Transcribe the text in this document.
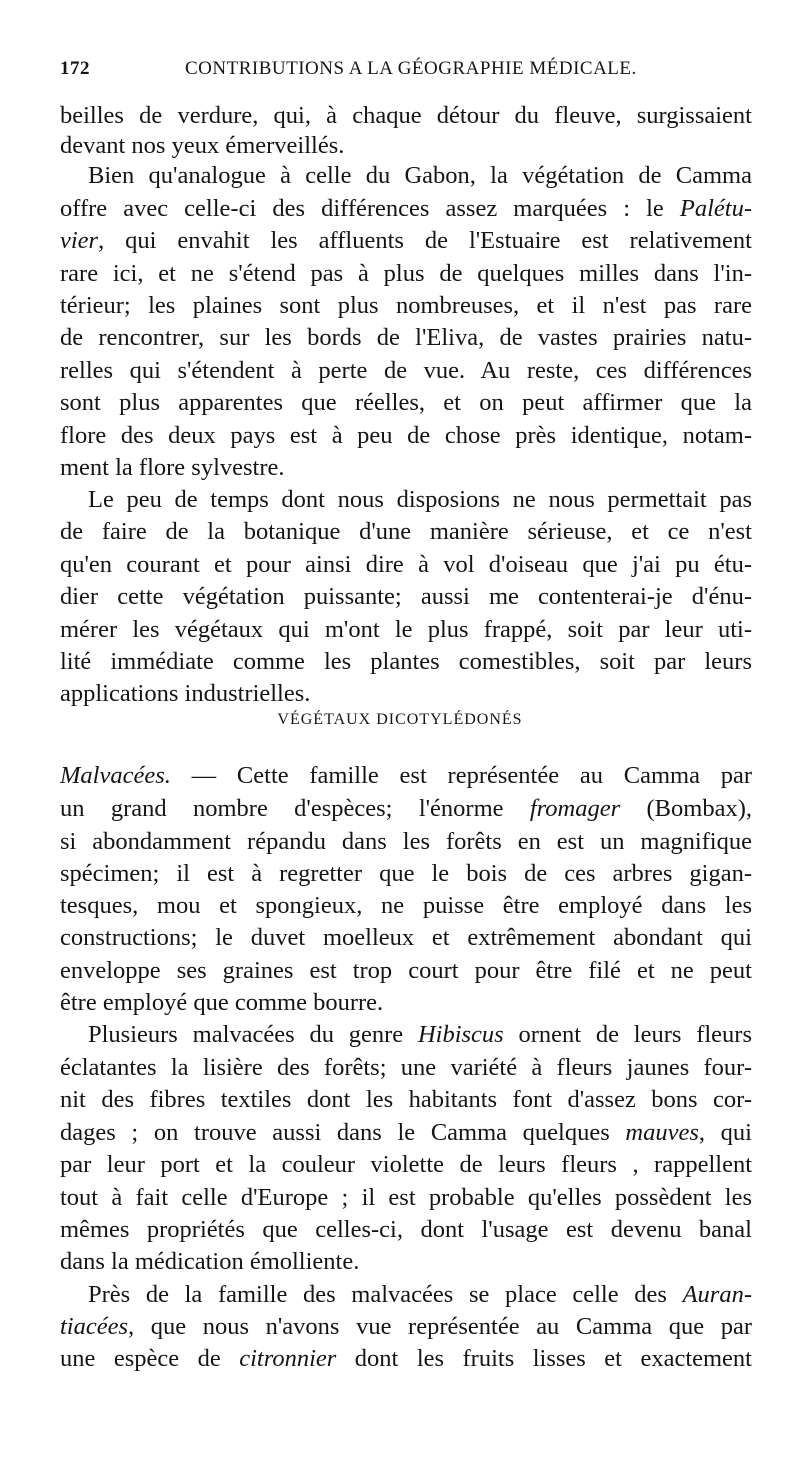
172	CONTRIBUTIONS A LA GÉOGRAPHIE MÉDICALE.
beilles de verdure, qui, à chaque détour du fleuve, surgissaient
devant nos yeux émerveillés.
Bien qu'analogue à celle du Gabon, la végétation de Camma
offre avec celle-ci des différences assez marquées : le Palétu-
vier, qui envahit les affluents de l'Estuaire est relativement
rare ici, et ne s'étend pas à plus de quelques milles dans l'in-
térieur; les plaines sont plus nombreuses, et il n'est pas rare
de rencontrer, sur les bords de l'Eliva, de vastes prairies natu-
relles qui s'étendent à perte de vue. Au reste, ces différences
sont plus apparentes que réelles, et on peut affirmer que la
flore des deux pays est à peu de chose près identique, notam-
ment la flore sylvestre.
Le peu de temps dont nous disposions ne nous permettait pas
de faire de la botanique d'une manière sérieuse, et ce n'est
qu'en courant et pour ainsi dire à vol d'oiseau que j'ai pu étu-
dier cette végétation puissante; aussi me contenterai-je d'énu-
mérer les végétaux qui m'ont le plus frappé, soit par leur uti-
lité immédiate comme les plantes comestibles, soit par leurs
applications industrielles.
Malvacées. — Cette famille est représentée au Camma par
un grand nombre d'espèces; l'énorme fromager (Bombax),
si abondamment répandu dans les forêts en est un magnifique
spécimen; il est à regretter que le bois de ces arbres gigan-
tesques, mou et spongieux, ne puisse être employé dans les
constructions; le duvet moelleux et extrêmement abondant qui
enveloppe ses graines est trop court pour être filé et ne peut
être employé que comme bourre.
Plusieurs malvacées du genre Hibiscus ornent de leurs fleurs
éclatantes la lisière des forêts; une variété à fleurs jaunes four-
nit des fibres textiles dont les habitants font d'assez bons cor-
dages ; on trouve aussi dans le Camma quelques mauves, qui
par leur port et la couleur violette de leurs fleurs , rappellent
tout à fait celle d'Europe ; il est probable qu'elles possèdent les
mêmes propriétés que celles-ci, dont l'usage est devenu banal
dans la médication émolliente.
Près de la famille des malvacées se place celle des Auran-
tiacées, que nous n'avons vue représentée au Camma que par
une espèce de citronnier dont les fruits lisses et exactement
VÉGÉTAUX DICOTYLÉDONÉS
